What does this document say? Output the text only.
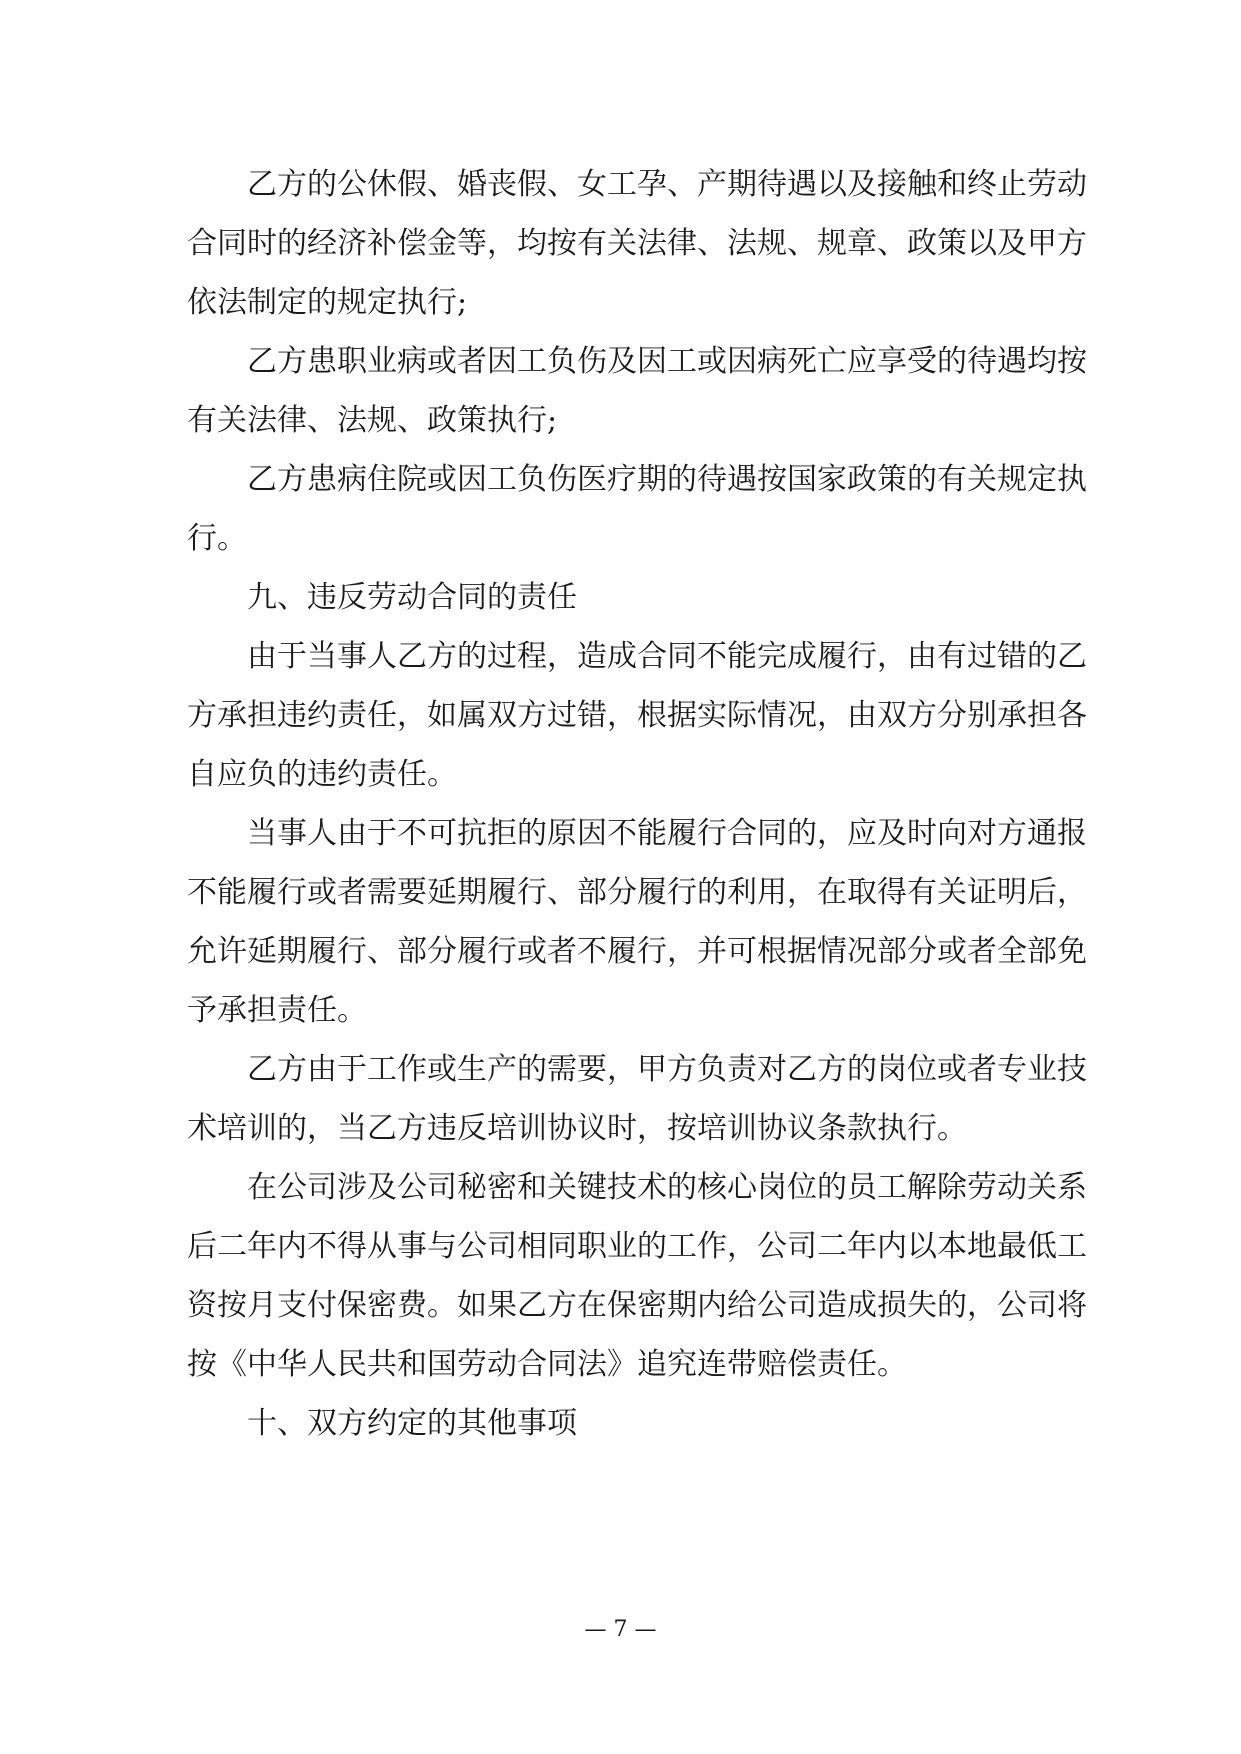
乙方的公休假、婚丧假、女工孕、产期待遇以及接触和终止劳动
合同时的经济补偿金等，均按有关法律、法规、规章、政策以及甲方
依法制定的规定执行;
乙方患职业病或者因工负伤及因工或因病死亡应享受的待遇均按
有关法律、法规、政策执行;
乙方患病住院或因工负伤医疗期的待遇按国家政策的有关规定执
行。
九、违反劳动合同的责任
由于当事人乙方的过程，造成合同不能完成履行，由有过错的乙
方承担违约责任，如属双方过错，根据实际情况，由双方分别承担各
自应负的违约责任。
当事人由于不可抗拒的原因不能履行合同的，应及时向对方通报
不能履行或者需要延期履行、部分履行的利用，在取得有关证明后，
允许延期履行、部分履行或者不履行，并可根据情况部分或者全部免
予承担责任。
乙方由于工作或生产的需要，甲方负责对乙方的岗位或者专业技
术培训的，当乙方违反培训协议时，按培训协议条款执行。
在公司涉及公司秘密和关键技术的核心岗位的员工解除劳动关系
后二年内不得从事与公司相同职业的工作，公司二年内以本地最低工
资按月支付保密费。如果乙方在保密期内给公司造成损失的，公司将
按《中华人民共和国劳动合同法》追究连带赔偿责任。
十、双方约定的其他事项
— 7 —
